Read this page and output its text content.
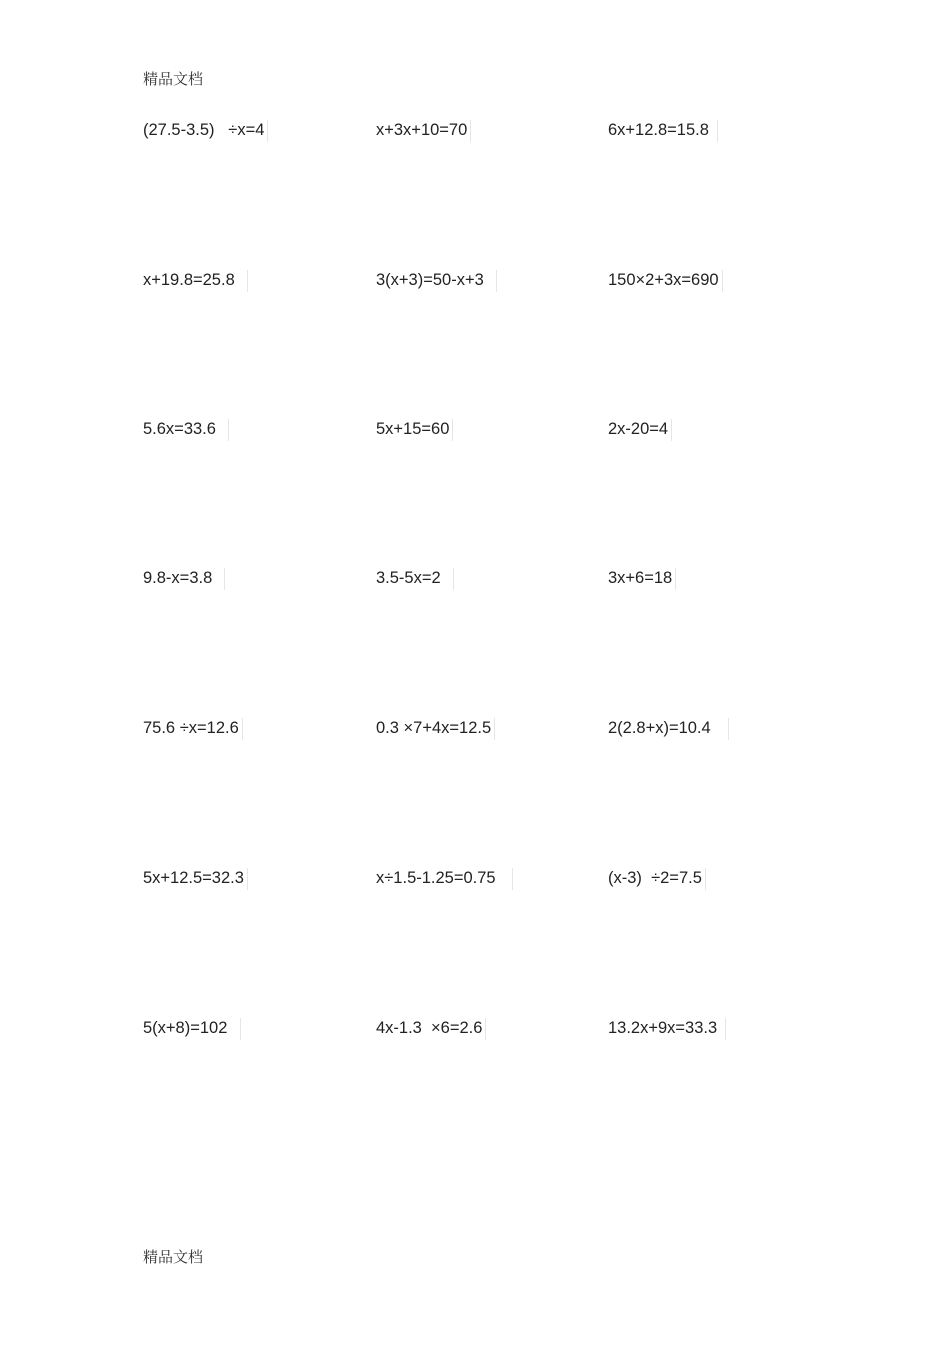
精品文档
(27.5-3.5)   ÷x=4	x+3x+10=70	6x+12.8=15.8
x+19.8=25.8	3(x+3)=50-x+3	150×2+3x=690
5.6x=33.6	5x+15=60	2x-20=4
9.8-x=3.8	3.5-5x=2	3x+6=18
75.6 ÷x=12.6	0.3 ×7+4x=12.5	2(2.8+x)=10.4
5x+12.5=32.3	x÷1.5-1.25=0.75	(x-3)  ÷2=7.5
5(x+8)=102	4x-1.3  ×6=2.6	13.2x+9x=33.3
精品文档
